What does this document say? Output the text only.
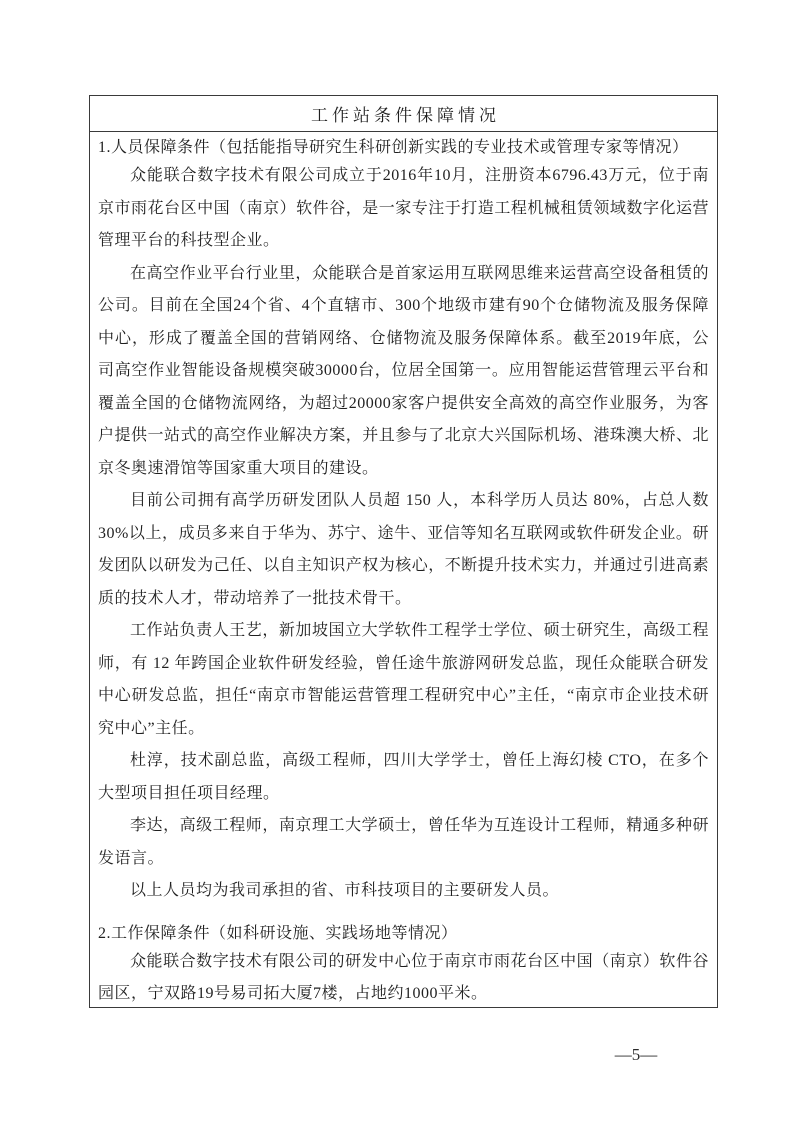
工作站条件保障情况
1.人员保障条件（包括能指导研究生科研创新实践的专业技术或管理专家等情况）

众能联合数字技术有限公司成立于2016年10月，注册资本6796.43万元，位于南京市雨花台区中国（南京）软件谷，是一家专注于打造工程机械租赁领域数字化运营管理平台的科技型企业。

在高空作业平台行业里，众能联合是首家运用互联网思维来运营高空设备租赁的公司。目前在全国24个省、4个直辖市、300个地级市建有90个仓储物流及服务保障中心，形成了覆盖全国的营销网络、仓储物流及服务保障体系。截至2019年底，公司高空作业智能设备规模突破30000台，位居全国第一。应用智能运营管理云平台和覆盖全国的仓储物流网络，为超过20000家客户提供安全高效的高空作业服务，为客户提供一站式的高空作业解决方案，并且参与了北京大兴国际机场、港珠澳大桥、北京冬奥速滑馆等国家重大项目的建设。

目前公司拥有高学历研发团队人员超 150 人，本科学历人员达 80%，占总人数 30%以上，成员多来自于华为、苏宁、途牛、亚信等知名互联网或软件研发企业。研发团队以研发为己任、以自主知识产权为核心，不断提升技术实力，并通过引进高素质的技术人才，带动培养了一批技术骨干。

工作站负责人王艺，新加坡国立大学软件工程学士学位、硕士研究生，高级工程师，有 12 年跨国企业软件研发经验，曾任途牛旅游网研发总监，现任众能联合研发中心研发总监，担任“南京市智能运营管理工程研究中心”主任，“南京市企业技术研究中心”主任。

杜淳，技术副总监，高级工程师，四川大学学士，曾任上海幻棱 CTO，在多个大型项目担任项目经理。

李达，高级工程师，南京理工大学硕士，曾任华为互连设计工程师，精通多种研发语言。

以上人员均为我司承担的省、市科技项目的主要研发人员。

2.工作保障条件（如科研设施、实践场地等情况）

众能联合数字技术有限公司的研发中心位于南京市雨花台区中国（南京）软件谷园区，宁双路19号易司拓大厦7楼，占地约1000平米。

—5—
